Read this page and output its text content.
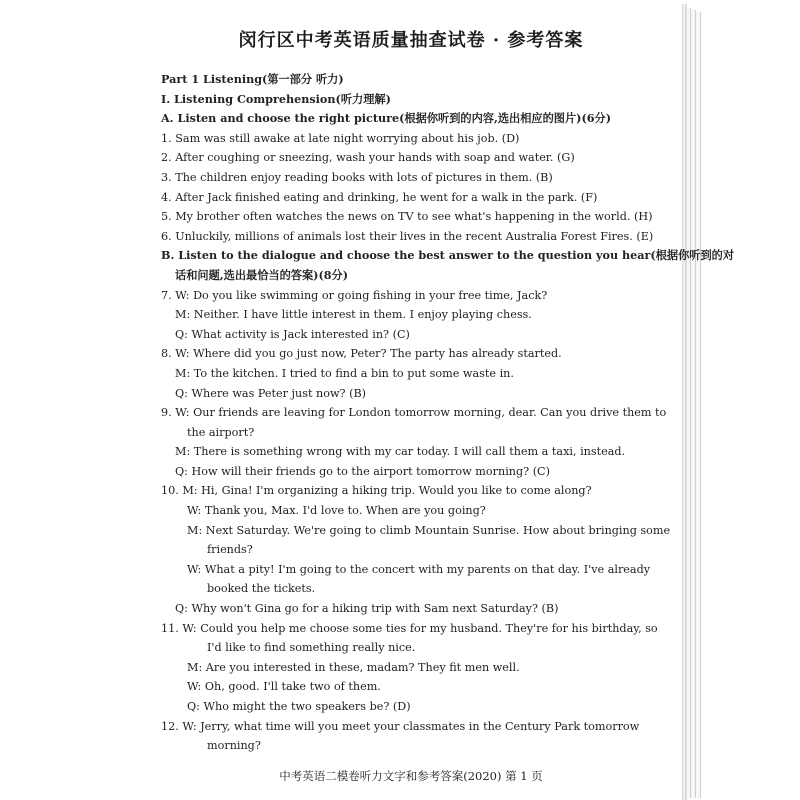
闵行区中考英语质量抽查试卷 · 参考答案
Part 1 Listening(第一部分 听力)
I. Listening Comprehension(听力理解)
A. Listen and choose the right picture(根据你听到的内容,选出相应的图片)(6分)
1. Sam was still awake at late night worrying about his job. (D)
2. After coughing or sneezing, wash your hands with soap and water. (G)
3. The children enjoy reading books with lots of pictures in them. (B)
4. After Jack finished eating and drinking, he went for a walk in the park. (F)
5. My brother often watches the news on TV to see what's happening in the world. (H)
6. Unluckily, millions of animals lost their lives in the recent Australia Forest Fires. (E)
B. Listen to the dialogue and choose the best answer to the question you hear(根据你听到的对
话和问题,选出最恰当的答案)(8分)
7. W: Do you like swimming or going fishing in your free time, Jack?
M: Neither. I have little interest in them. I enjoy playing chess.
Q: What activity is Jack interested in? (C)
8. W: Where did you go just now, Peter? The party has already started.
M: To the kitchen. I tried to find a bin to put some waste in.
Q: Where was Peter just now? (B)
9. W: Our friends are leaving for London tomorrow morning, dear. Can you drive them to
the airport?
M: There is something wrong with my car today. I will call them a taxi, instead.
Q: How will their friends go to the airport tomorrow morning? (C)
10. M: Hi, Gina! I'm organizing a hiking trip. Would you like to come along?
W: Thank you, Max. I'd love to. When are you going?
M: Next Saturday. We're going to climb Mountain Sunrise. How about bringing some
friends?
W: What a pity! I'm going to the concert with my parents on that day. I've already
booked the tickets.
Q: Why won't Gina go for a hiking trip with Sam next Saturday? (B)
11. W: Could you help me choose some ties for my husband. They're for his birthday, so
I'd like to find something really nice.
M: Are you interested in these, madam? They fit men well.
W: Oh, good. I'll take two of them.
Q: Who might the two speakers be? (D)
12. W: Jerry, what time will you meet your classmates in the Century Park tomorrow
morning?
中考英语二模卷听力文字和参考答案(2020) 第 1 页
